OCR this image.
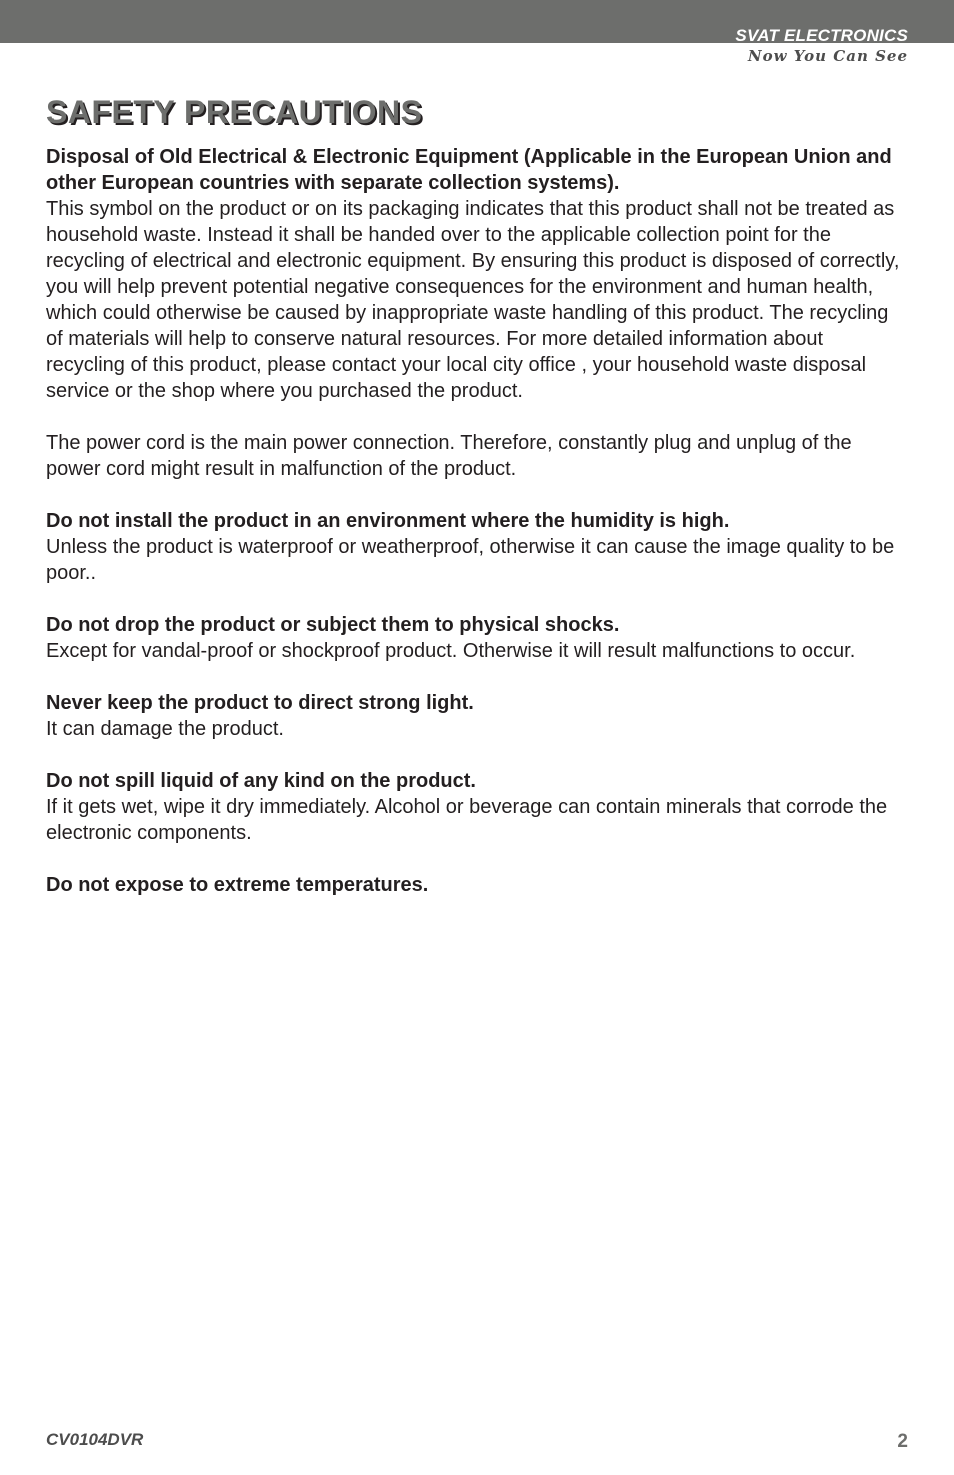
SVAT ELECTRONICS
Now You Can See
SAFETY PRECAUTIONS

Disposal of Old Electrical & Electronic Equipment (Applicable in the European Union and other European countries with separate collection systems).

This symbol on the product or on its packaging indicates that this product shall not be treated as household waste. Instead it shall be handed over to the applicable collection point for the recycling of electrical and electronic equipment. By ensuring this product is disposed of correctly, you will help prevent potential negative consequences for the environment and human health, which could otherwise be caused by inappropriate waste handling of this product. The recycling of materials will help to conserve natural resources. For more detailed information about recycling of this product, please contact your local city office , your household waste disposal service or the shop where you purchased the product.

The power cord is the main power connection. Therefore, constantly plug and unplug of the power cord might result in malfunction of the product.

Do not install the product in an environment where the humidity is high.

Unless the product is waterproof or weatherproof, otherwise it can cause the image quality to be poor..

Do not drop the product or subject them to physical shocks.

Except for vandal-proof or shockproof product. Otherwise it will result malfunctions to occur.

Never keep the product to direct strong light.

It can damage the product.

Do not spill liquid of any kind on the product.

If it gets wet, wipe it dry immediately. Alcohol or beverage can contain minerals that corrode the electronic components.

Do not expose to extreme temperatures.

CV0104DVR	2
